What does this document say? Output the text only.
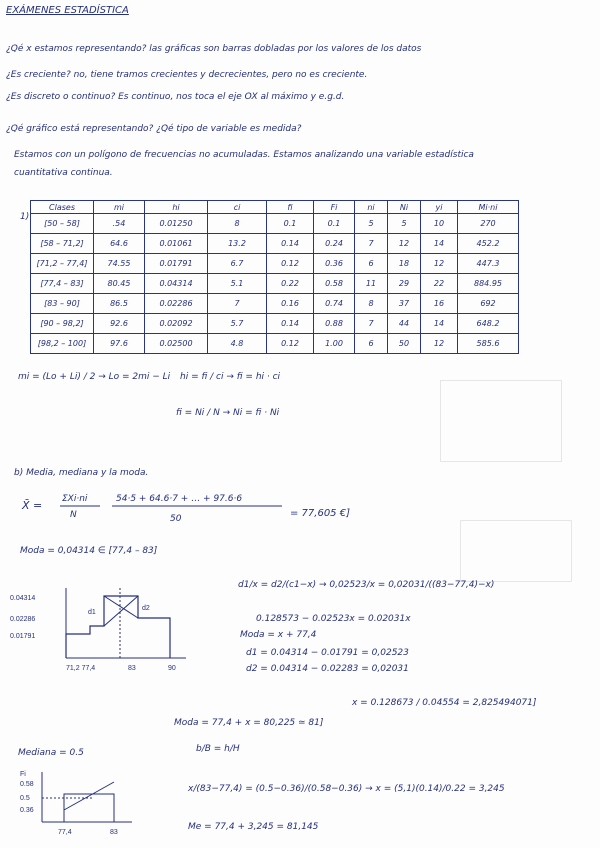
EXÁMENES ESTADÍSTICA
¿Qé x estamos representando? las gráficas son barras dobladas por los valores de los datos
¿Es creciente? no, tiene tramos crecientes y decrecientes, pero no es creciente.
¿Es discreto o continuo? Es continuo, nos toca el eje OX al máximo y e.g.d.
¿Qé gráfico está representando? ¿Qé tipo de variable es medida?
Estamos con un polígono de frecuencias no acumuladas. Estamos analizando una variable estadística
cuantitativa continua.
1)
Clases	mi	hi	ci	fi	Fi	ni	Ni	yi	Mi·ni
[50 – 58]	.54	0.01250	8	0.1	0.1	5	5	10	270
[58 – 71,2]	64.6	0.01061	13.2	0.14	0.24	7	12	14	452.2
[71,2 – 77,4]	74.55	0.01791	6.7	0.12	0.36	6	18	12	447.3
[77,4 – 83]	80.45	0.04314	5.1	0.22	0.58	11	29	22	884.95
[83 – 90]	86.5	0.02286	7	0.16	0.74	8	37	16	692
[90 – 98,2]	92.6	0.02092	5.7	0.14	0.88	7	44	14	648.2
[98,2 – 100]	97.6	0.02500	4.8	0.12	1.00	6	50	12	585.6
mi = (Lo + Li) / 2 → Lo = 2mi − Li hi = fi / ci → fi = hi · ci
fi = Ni / N → Ni = fi · Ni
b) Media, mediana y la moda.
X̄ = ΣXi·ni
N
54·5 + 64.6·7 + … + 97.6·6
50	= 77,605 €]
Moda = 0,04314 ∈ [77,4 – 83]
0.04314
0.02286
0.01791
71,2 77,4	83	90
d1
d2
d1/x = d2/(c1−x) → 0,02523/x = 0,02031/((83−77,4)−x)
0.128573 − 0.02523x = 0.02031x
Moda = x + 77,4
d1 = 0.04314 − 0.01791 = 0,02523
d2 = 0.04314 − 0.02283 = 0,02031
x = 0.128673 / 0.04554 = 2,825494071]
Moda = 77,4 + x = 80,225 ≃ 81]
Mediana = 0.5	b/B = h/H
Fi
0.58
0.5
0.36
77,4	83
x/(83−77,4) = (0.5−0.36)/(0.58−0.36) → x = (5,1)(0.14)/0.22 = 3,245
Me = 77,4 + 3,245 = 81,145
